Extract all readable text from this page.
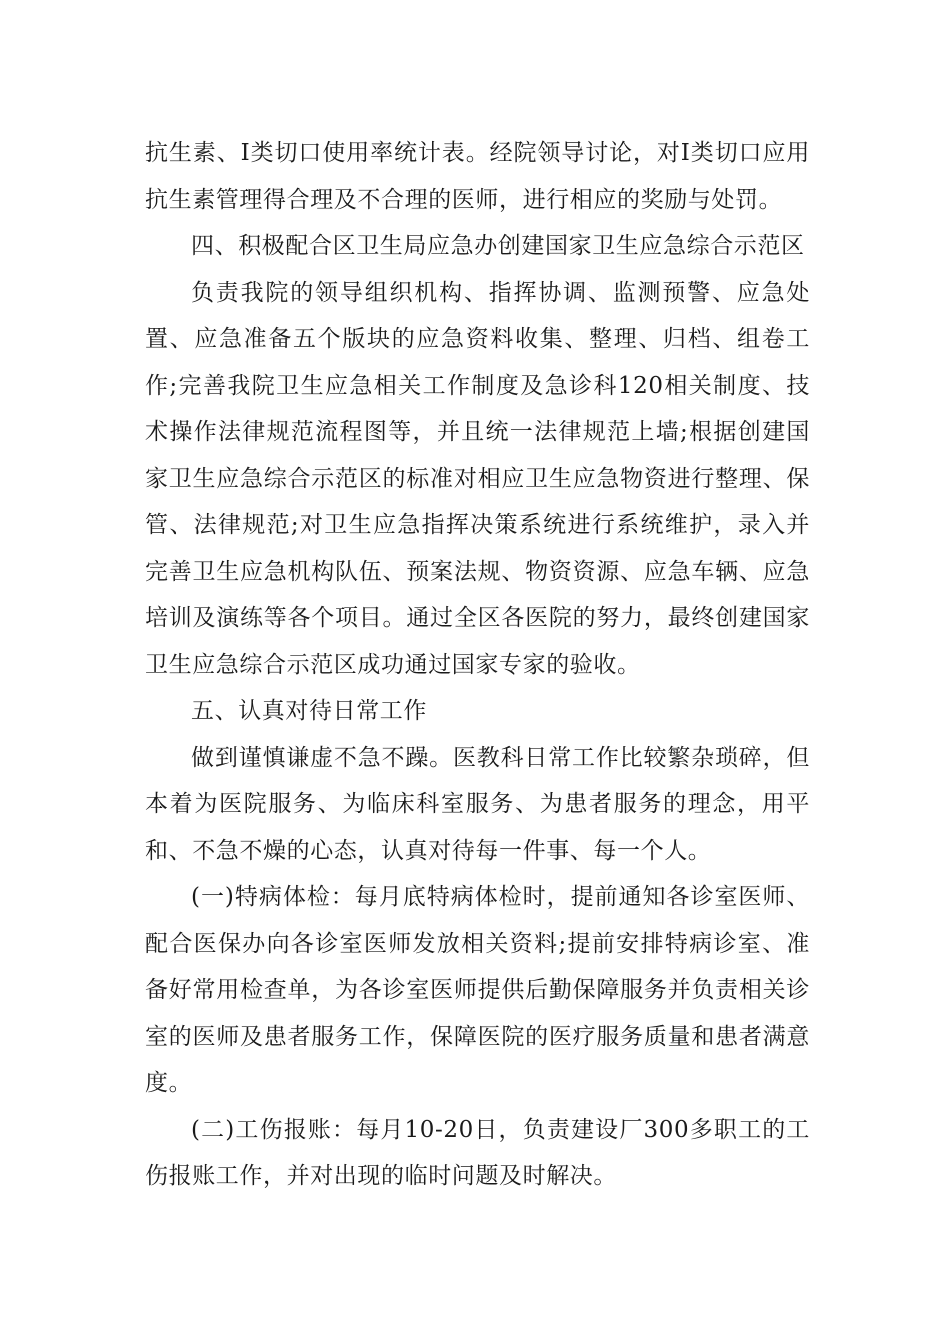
抗生素、I类切口使用率统计表。经院领导讨论，对I类切口应用抗生素管理得合理及不合理的医师，进行相应的奖励与处罚。

四、积极配合区卫生局应急办创建国家卫生应急综合示范区

负责我院的领导组织机构、指挥协调、监测预警、应急处置、应急准备五个版块的应急资料收集、整理、归档、组卷工作;完善我院卫生应急相关工作制度及急诊科120相关制度、技术操作法律规范流程图等，并且统一法律规范上墙;根据创建国家卫生应急综合示范区的标准对相应卫生应急物资进行整理、保管、法律规范;对卫生应急指挥决策系统进行系统维护，录入并完善卫生应急机构队伍、预案法规、物资资源、应急车辆、应急培训及演练等各个项目。通过全区各医院的努力，最终创建国家卫生应急综合示范区成功通过国家专家的验收。

五、认真对待日常工作

做到谨慎谦虚不急不躁。医教科日常工作比较繁杂琐碎，但本着为医院服务、为临床科室服务、为患者服务的理念，用平和、不急不燥的心态，认真对待每一件事、每一个人。

(一)特病体检：每月底特病体检时，提前通知各诊室医师、配合医保办向各诊室医师发放相关资料;提前安排特病诊室、准备好常用检查单，为各诊室医师提供后勤保障服务并负责相关诊室的医师及患者服务工作，保障医院的医疗服务质量和患者满意度。

(二)工伤报账：每月10-20日，负责建设厂300多职工的工伤报账工作，并对出现的临时问题及时解决。
